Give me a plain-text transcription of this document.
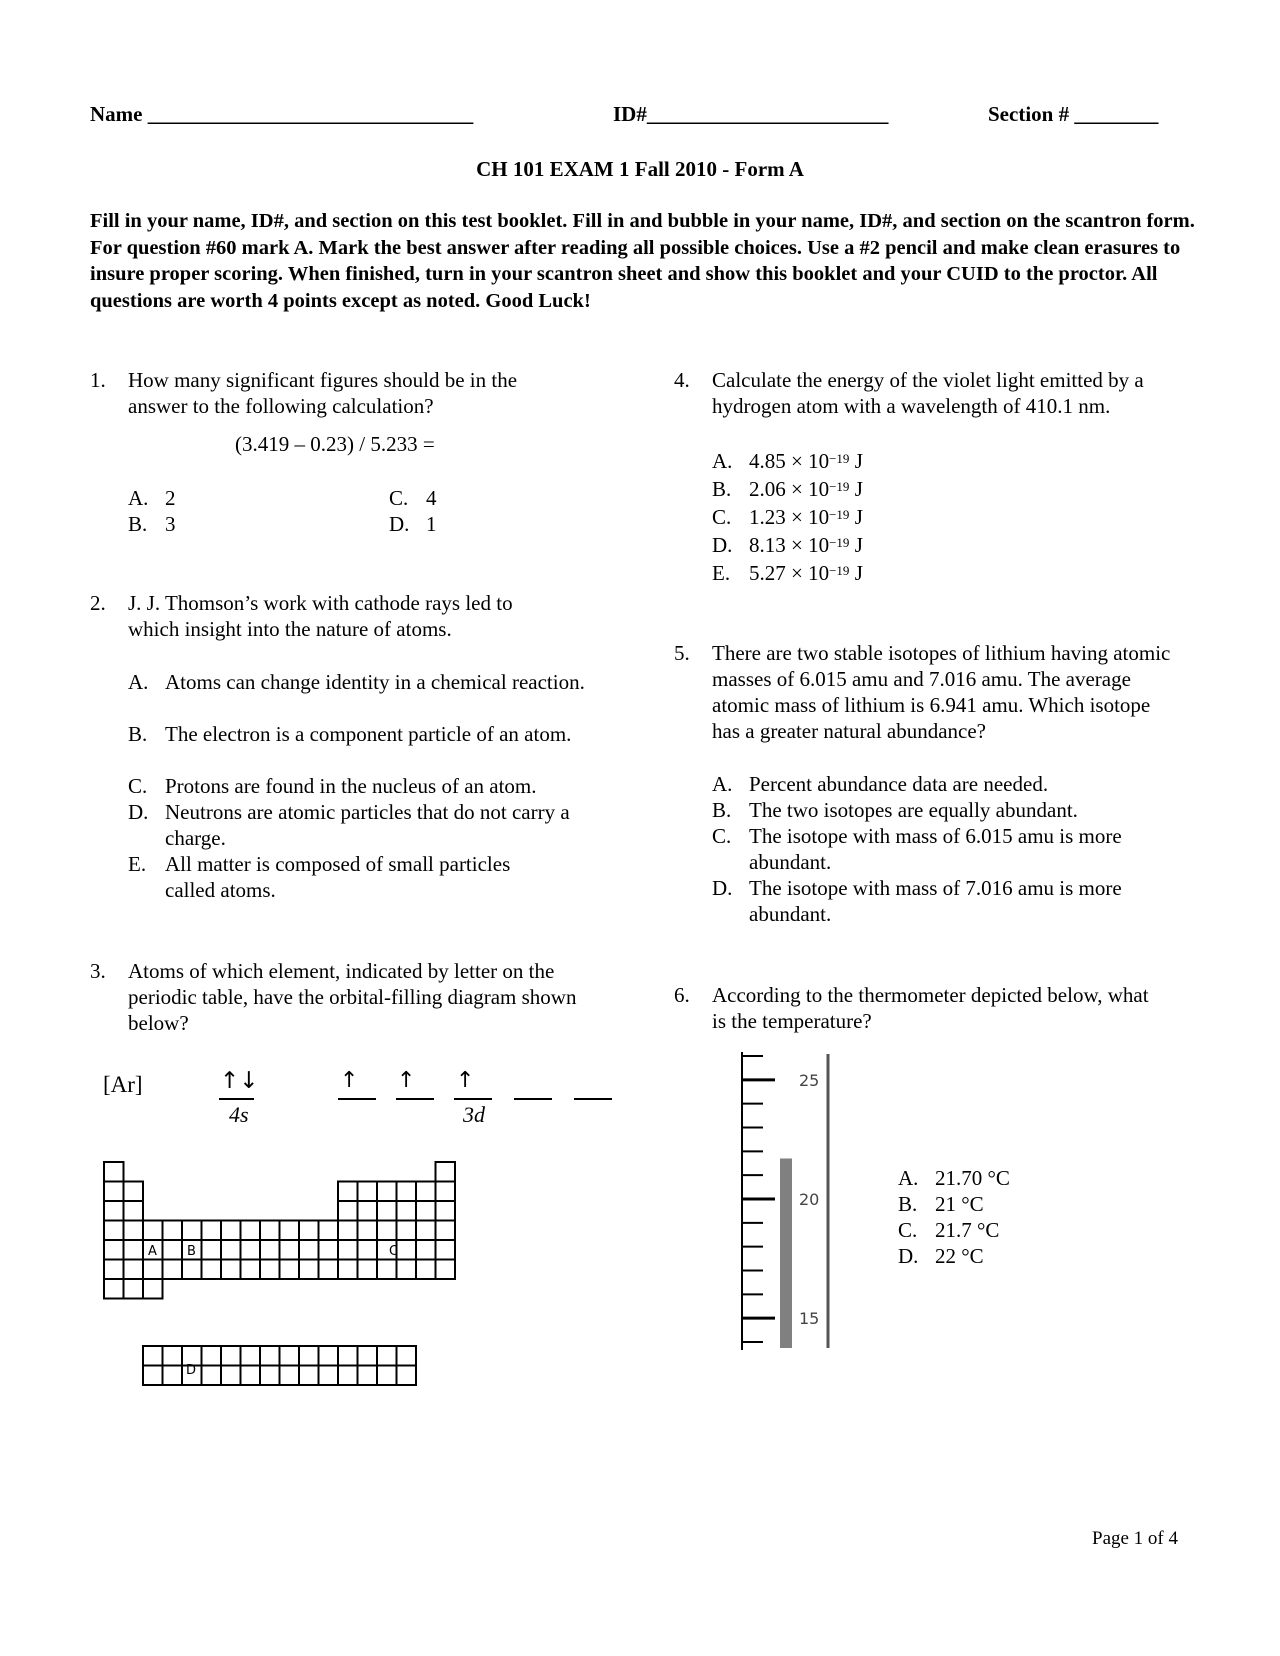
Name _______________________________	ID#_______________________	Section # ________
CH 101 EXAM 1 Fall 2010 - Form A
Fill in your name, ID#, and section on this test booklet. Fill in and bubble in your name, ID#, and section on the scantron form. For question #60 mark A. Mark the best answer after reading all possible choices. Use a #2 pencil and make clean erasures to insure proper scoring. When finished, turn in your scantron sheet and show this booklet and your CUID to the proctor. All questions are worth 4 points except as noted. Good Luck!
1. How many significant figures should be in the answer to the following calculation?
(3.419 – 0.23) / 5.233 =
A. 2
B. 3
C. 4
D. 1
2. J. J. Thomson’s work with cathode rays led to which insight into the nature of atoms.
A. Atoms can change identity in a chemical reaction.
B. The electron is a component particle of an atom.
C. Protons are found in the nucleus of an atom.
D. Neutrons are atomic particles that do not carry a charge.
E. All matter is composed of small particles called atoms.
3. Atoms of which element, indicated by letter on the periodic table, have the orbital-filling diagram shown below?
[Ar]	↑↓
4s
↑ ↑ ↑
3d
A B	C
D
4. Calculate the energy of the violet light emitted by a hydrogen atom with a wavelength of 410.1 nm.
A. $4.85 \times 10^{-19}$ J
B. $2.06 \times 10^{-19}$ J
C. $1.23 \times 10^{-19}$ J
D. $8.13 \times 10^{-19}$ J
E. $5.27 \times 10^{-19}$ J
5. There are two stable isotopes of lithium having atomic masses of 6.015 amu and 7.016 amu. The average atomic mass of lithium is 6.941 amu. Which isotope has a greater natural abundance?
A. Percent abundance data are needed.
B. The two isotopes are equally abundant.
C. The isotope with mass of 6.015 amu is more abundant.
D. The isotope with mass of 7.016 amu is more abundant.
6. According to the thermometer depicted below, what is the temperature?
25
20
15
A. 21.70 °C
B. 21 °C
C. 21.7 °C
D. 22 °C
Page 1 of 4
